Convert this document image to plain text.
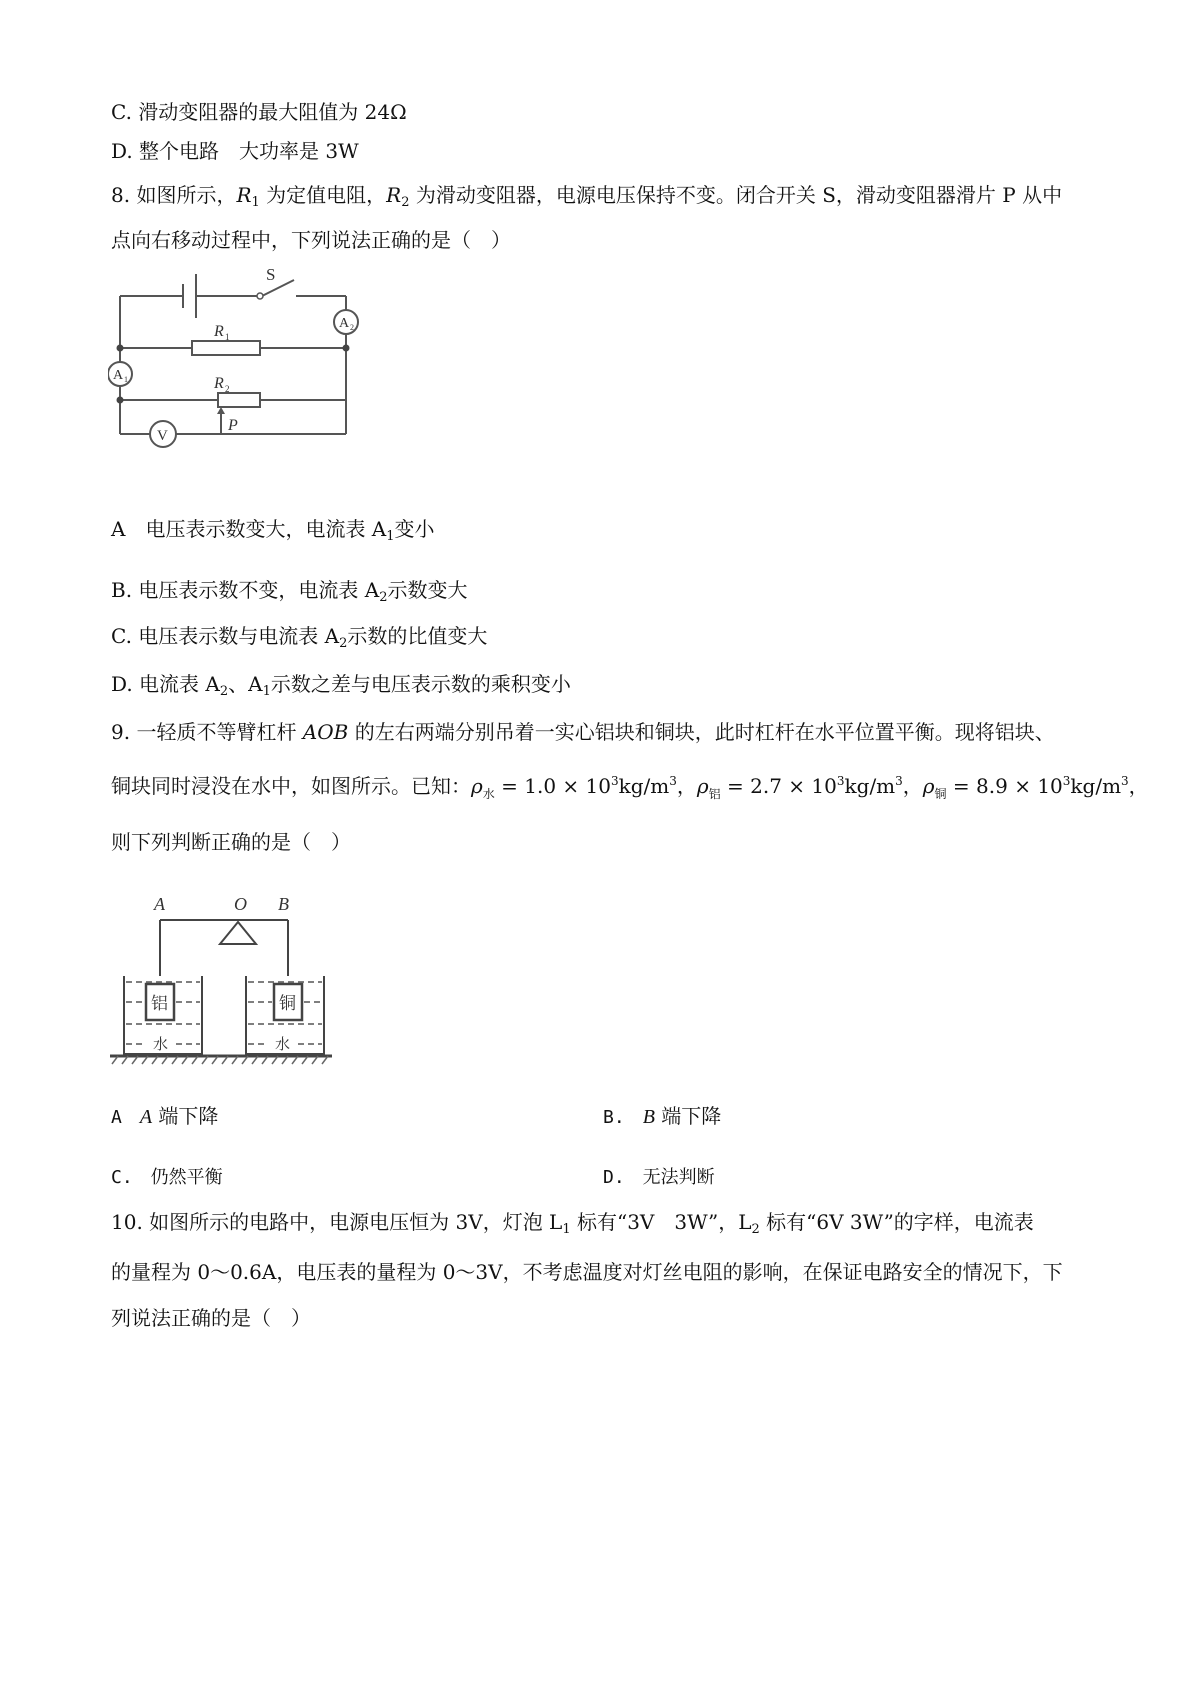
C. 滑动变阻器的最大阻值为 24Ω
D. 整个电路　大功率是 3W
8. 如图所示，$R_1$ 为定值电阻，$R_2$ 为滑动变阻器，电源电压保持不变。闭合开关 S，滑动变阻器滑片 P 从中
点向右移动过程中，下列说法正确的是（　）
S
A 2
A 1
R 1
R 2
V
P
A　电压表示数变大，电流表 $A_1$变小
B. 电压表示数不变，电流表 $A_2$示数变大
C. 电压表示数与电流表 $A_2$示数的比值变大
D. 电流表 $A_2$、$A_1$示数之差与电压表示数的乘积变小
9. 一轻质不等臂杠杆 AOB 的左右两端分别吊着一实心铝块和铜块，此时杠杆在水平位置平衡。现将铝块、
铜块同时浸没在水中，如图所示。已知：$\rho_水 = 1.0 \times 10^3kg/m^3$，$\rho_铝 = 2.7 \times 10^3kg/m^3$，$\rho_铜 = 8.9 \times 10^3kg/m^3$，
则下列判断正确的是（　）
A	O B
铝	铜
水	水
A　A 端下降	B.　B 端下降
C.　仍然平衡	D.　无法判断
10. 如图所示的电路中，电源电压恒为 3V，灯泡 $L_1$ 标有“3V　3W”，$L_2$ 标有“6V 3W”的字样，电流表
的量程为 0～0.6A，电压表的量程为 0～3V，不考虑温度对灯丝电阻的影响，在保证电路安全的情况下，下
列说法正确的是（　）
